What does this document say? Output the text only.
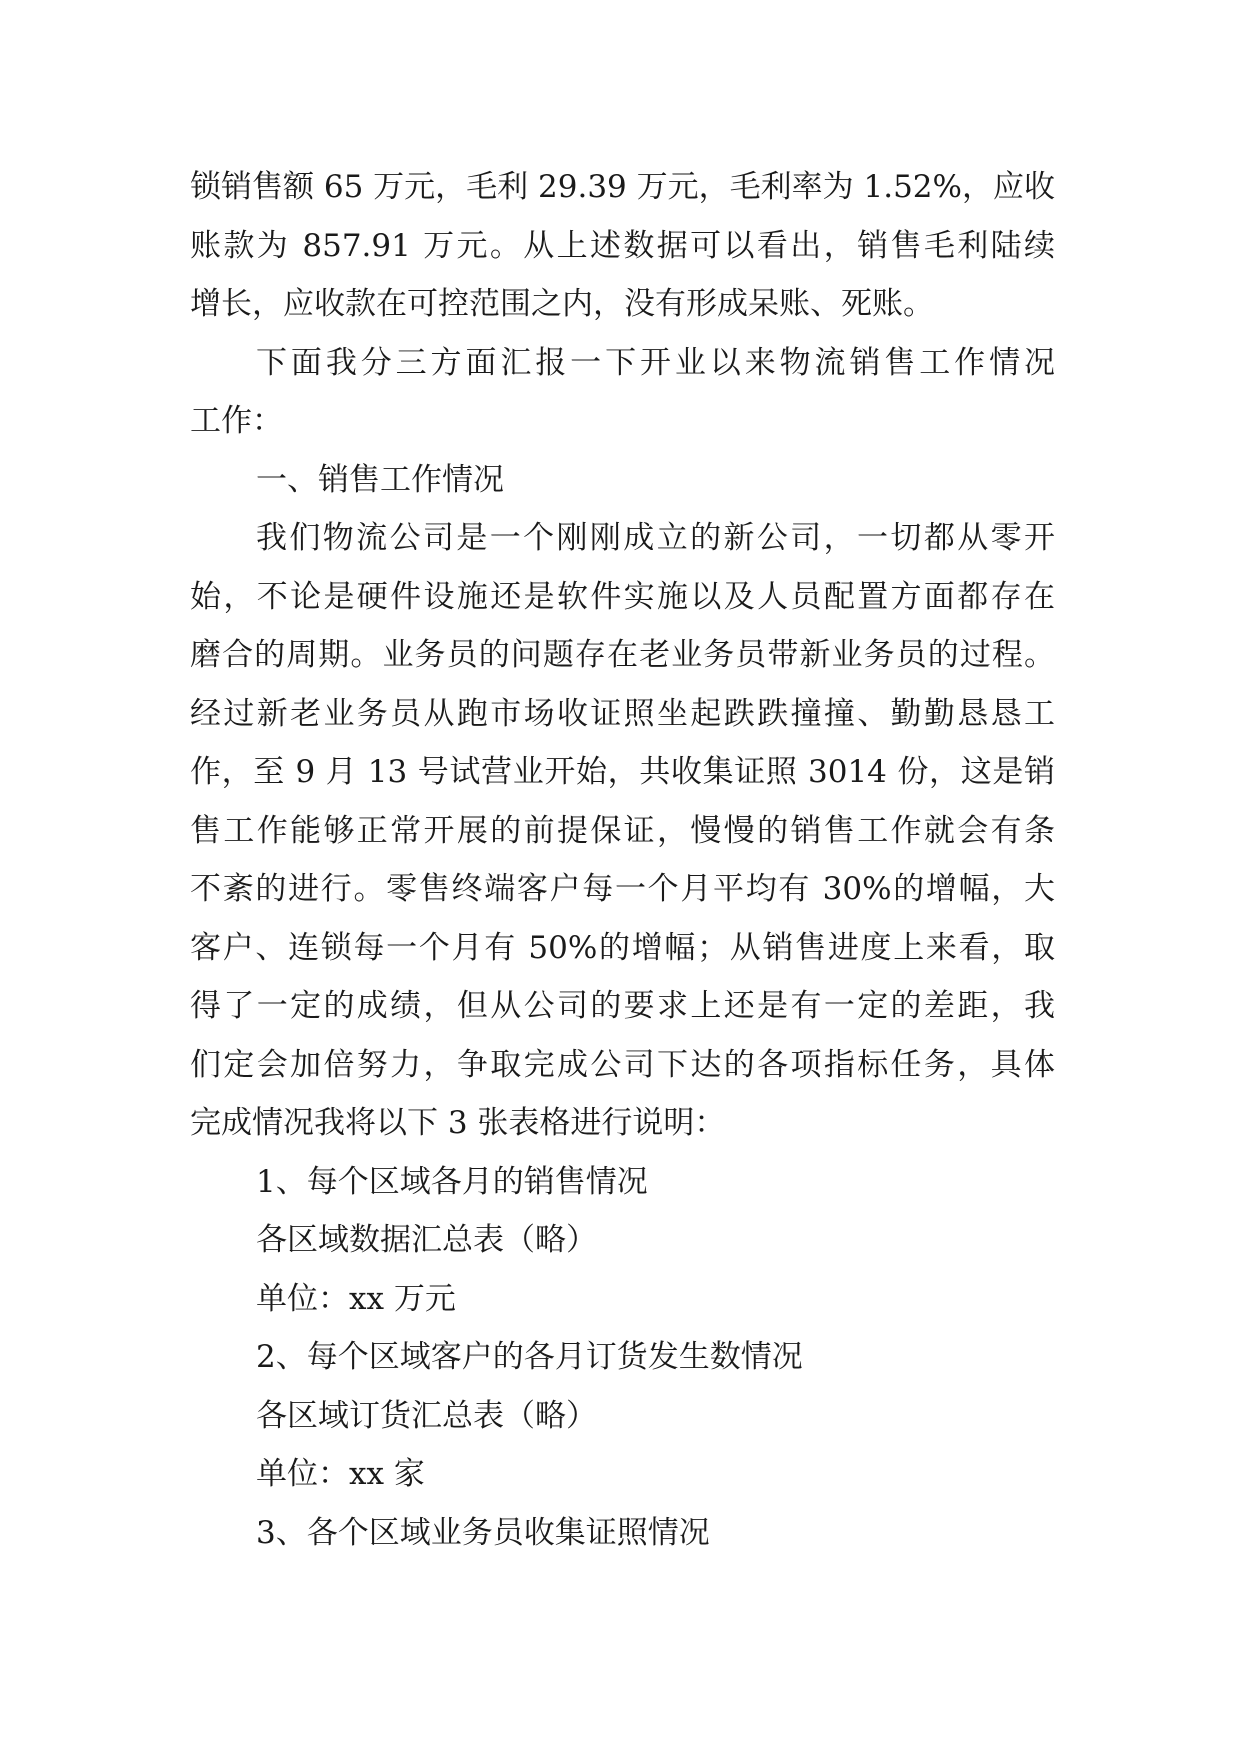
锁销售额 65 万元，毛利 29.39 万元，毛利率为 1.52%，应收
账款为 857.91 万元。从上述数据可以看出，销售毛利陆续
增长，应收款在可控范围之内，没有形成呆账、死账。
下面我分三方面汇报一下开业以来物流销售工作情况
工作：
一、销售工作情况
我们物流公司是一个刚刚成立的新公司，一切都从零开
始，不论是硬件设施还是软件实施以及人员配置方面都存在
磨合的周期。业务员的问题存在老业务员带新业务员的过程。
经过新老业务员从跑市场收证照坐起跌跌撞撞、勤勤恳恳工
作，至 9 月 13 号试营业开始，共收集证照 3014 份，这是销
售工作能够正常开展的前提保证，慢慢的销售工作就会有条
不紊的进行。零售终端客户每一个月平均有 30%的增幅，大
客户、连锁每一个月有 50%的增幅；从销售进度上来看，取
得了一定的成绩，但从公司的要求上还是有一定的差距，我
们定会加倍努力，争取完成公司下达的各项指标任务，具体
完成情况我将以下 3 张表格进行说明：
1、每个区域各月的销售情况
各区域数据汇总表（略）
单位：xx 万元
2、每个区域客户的各月订货发生数情况
各区域订货汇总表（略）
单位：xx 家
3、各个区域业务员收集证照情况
